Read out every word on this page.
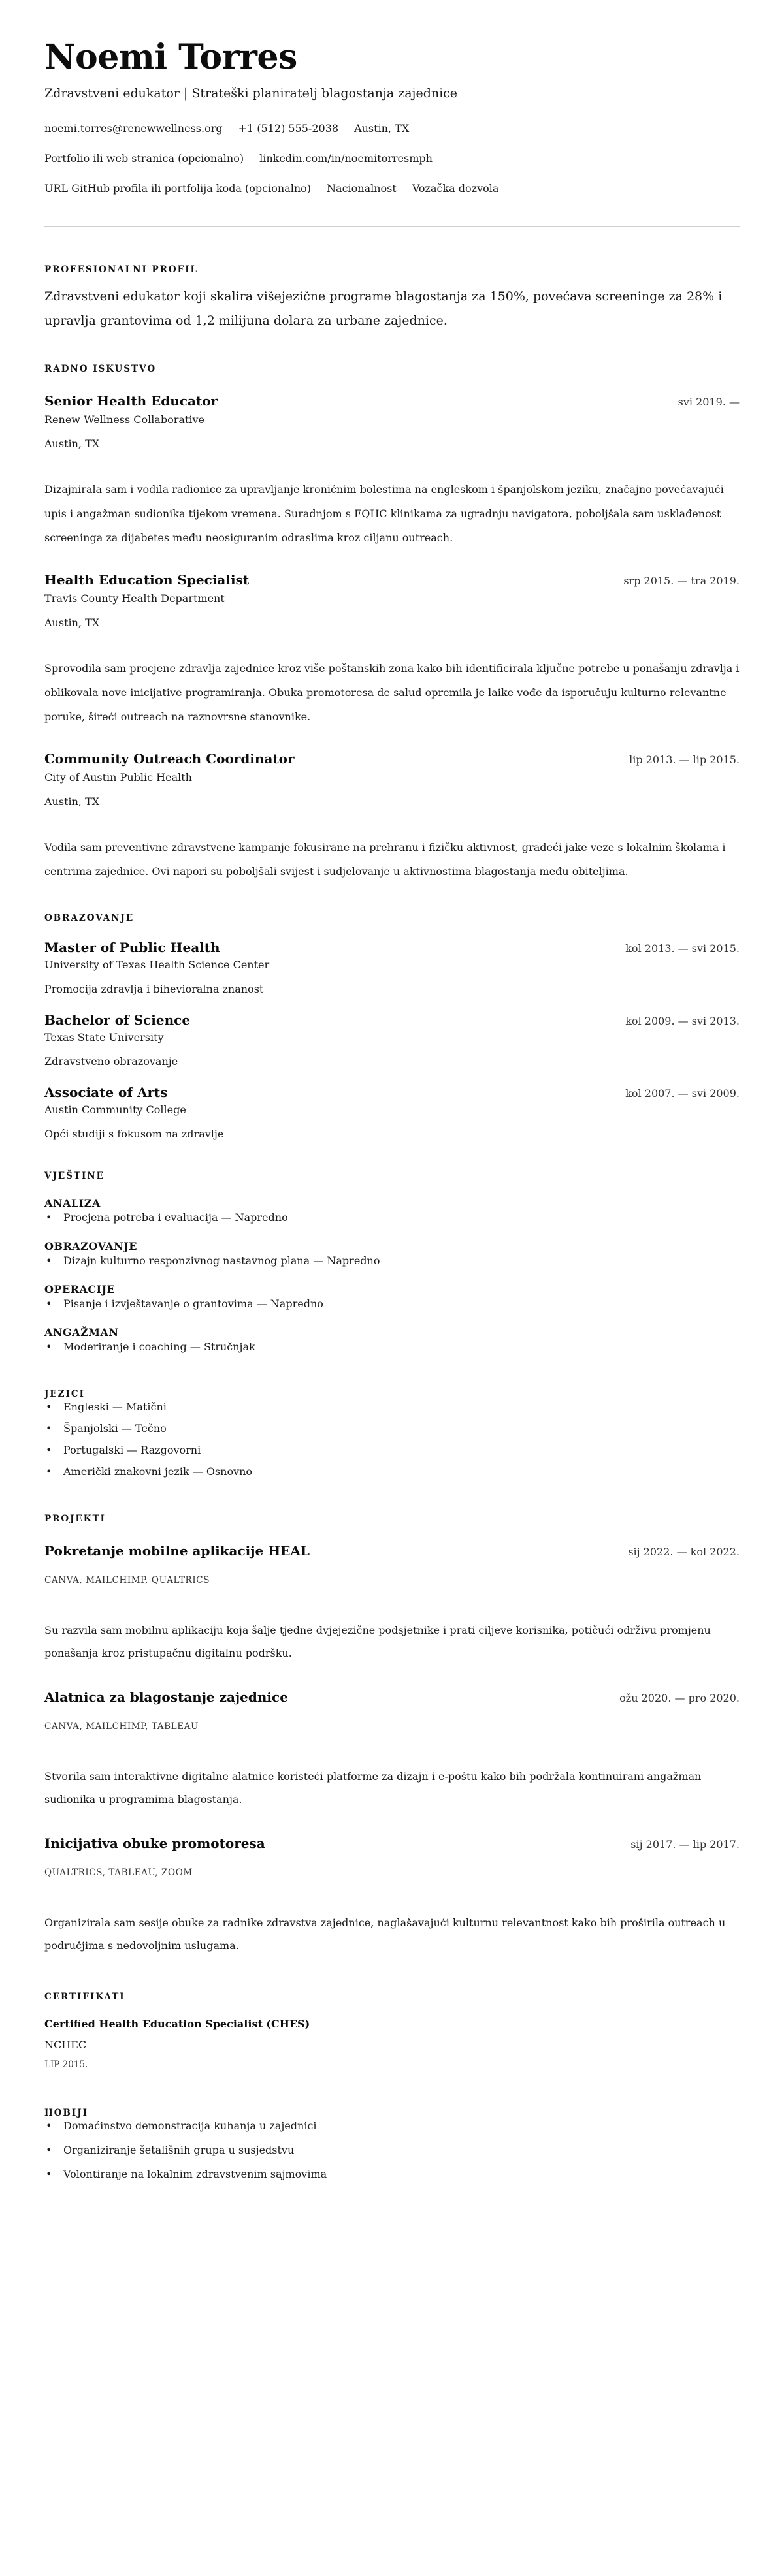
Noemi Torres

Zdravstveni edukator | Strateški planiratelj blagostanja zajednice

noemi.torres@renewwellness.org +1 (512) 555-2038 Austin, TX
Portfolio ili web stranica (opcionalno) linkedin.com/in/noemitorresmph
URL GitHub profila ili portfolija koda (opcionalno) Nacionalnost Vozačka dozvola
PROFESIONALNI PROFIL

Zdravstveni edukator koji skalira višejezične programe blagostanja za 150%, povećava screeninge za 28% i upravlja grantovima od 1,2 milijuna dolara za urbane zajednice.

RADNO ISKUSTVO
Senior Health Educator	svi 2019. —
Renew Wellness Collaborative
Austin, TX

Dizajnirala sam i vodila radionice za upravljanje kroničnim bolestima na engleskom i španjolskom jeziku, značajno povećavajući upis i angažman sudionika tijekom vremena. Suradnjom s FQHC klinikama za ugradnju navigatora, poboljšala sam usklađenost screeninga za dijabetes među neosiguranim odraslima kroz ciljanu outreach.

Health Education Specialist	srp 2015. — tra 2019.
Travis County Health Department
Austin, TX

Sprovodila sam procjene zdravlja zajednice kroz više poštanskih zona kako bih identificirala ključne potrebe u ponašanju zdravlja i oblikovala nove inicijative programiranja. Obuka promotoresa de salud opremila je laike vođe da isporučuju kulturno relevantne poruke, šireći outreach na raznovrsne stanovnike.

Community Outreach Coordinator	lip 2013. — lip 2015.
City of Austin Public Health
Austin, TX

Vodila sam preventivne zdravstvene kampanje fokusirane na prehranu i fizičku aktivnost, gradeći jake veze s lokalnim školama i centrima zajednice. Ovi napori su poboljšali svijest i sudjelovanje u aktivnostima blagostanja među obiteljima.

OBRAZOVANJE
Master of Public Health	kol 2013. — svi 2015.
University of Texas Health Science Center
Promocija zdravlja i bihevioralna znanost
Bachelor of Science	kol 2009. — svi 2013.
Texas State University
Zdravstveno obrazovanje
Associate of Arts	kol 2007. — svi 2009.
Austin Community College
Opći studiji s fokusom na zdravlje
VJEŠTINE
ANALIZA
• Procjena potreba i evaluacija — Napredno
OBRAZOVANJE
• Dizajn kulturno responzivnog nastavnog plana — Napredno
OPERACIJE
• Pisanje i izvještavanje o grantovima — Napredno
ANGAŽMAN
• Moderiranje i coaching — Stručnjak
JEZICI
• Engleski — Matični
• Španjolski — Tečno
• Portugalski — Razgovorni
• Američki znakovni jezik — Osnovno
PROJEKTI
Pokretanje mobilne aplikacije HEAL	sij 2022. — kol 2022.
CANVA, MAILCHIMP, QUALTRICS

Su razvila sam mobilnu aplikaciju koja šalje tjedne dvjejezične podsjetnike i prati ciljeve korisnika, potičući održivu promjenu ponašanja kroz pristupačnu digitalnu podršku.

Alatnica za blagostanje zajednice	ožu 2020. — pro 2020.
CANVA, MAILCHIMP, TABLEAU

Stvorila sam interaktivne digitalne alatnice koristeći platforme za dizajn i e-poštu kako bih podržala kontinuirani angažman sudionika u programima blagostanja.

Inicijativa obuke promotoresa	sij 2017. — lip 2017.
QUALTRICS, TABLEAU, ZOOM

Organizirala sam sesije obuke za radnike zdravstva zajednice, naglašavajući kulturnu relevantnost kako bih proširila outreach u područjima s nedovoljnim uslugama.

CERTIFIKATI
Certified Health Education Specialist (CHES)
NCHEC
LIP 2015.
HOBIJI
• Domaćinstvo demonstracija kuhanja u zajednici
• Organiziranje šetališnih grupa u susjedstvu
• Volontiranje na lokalnim zdravstvenim sajmovima
